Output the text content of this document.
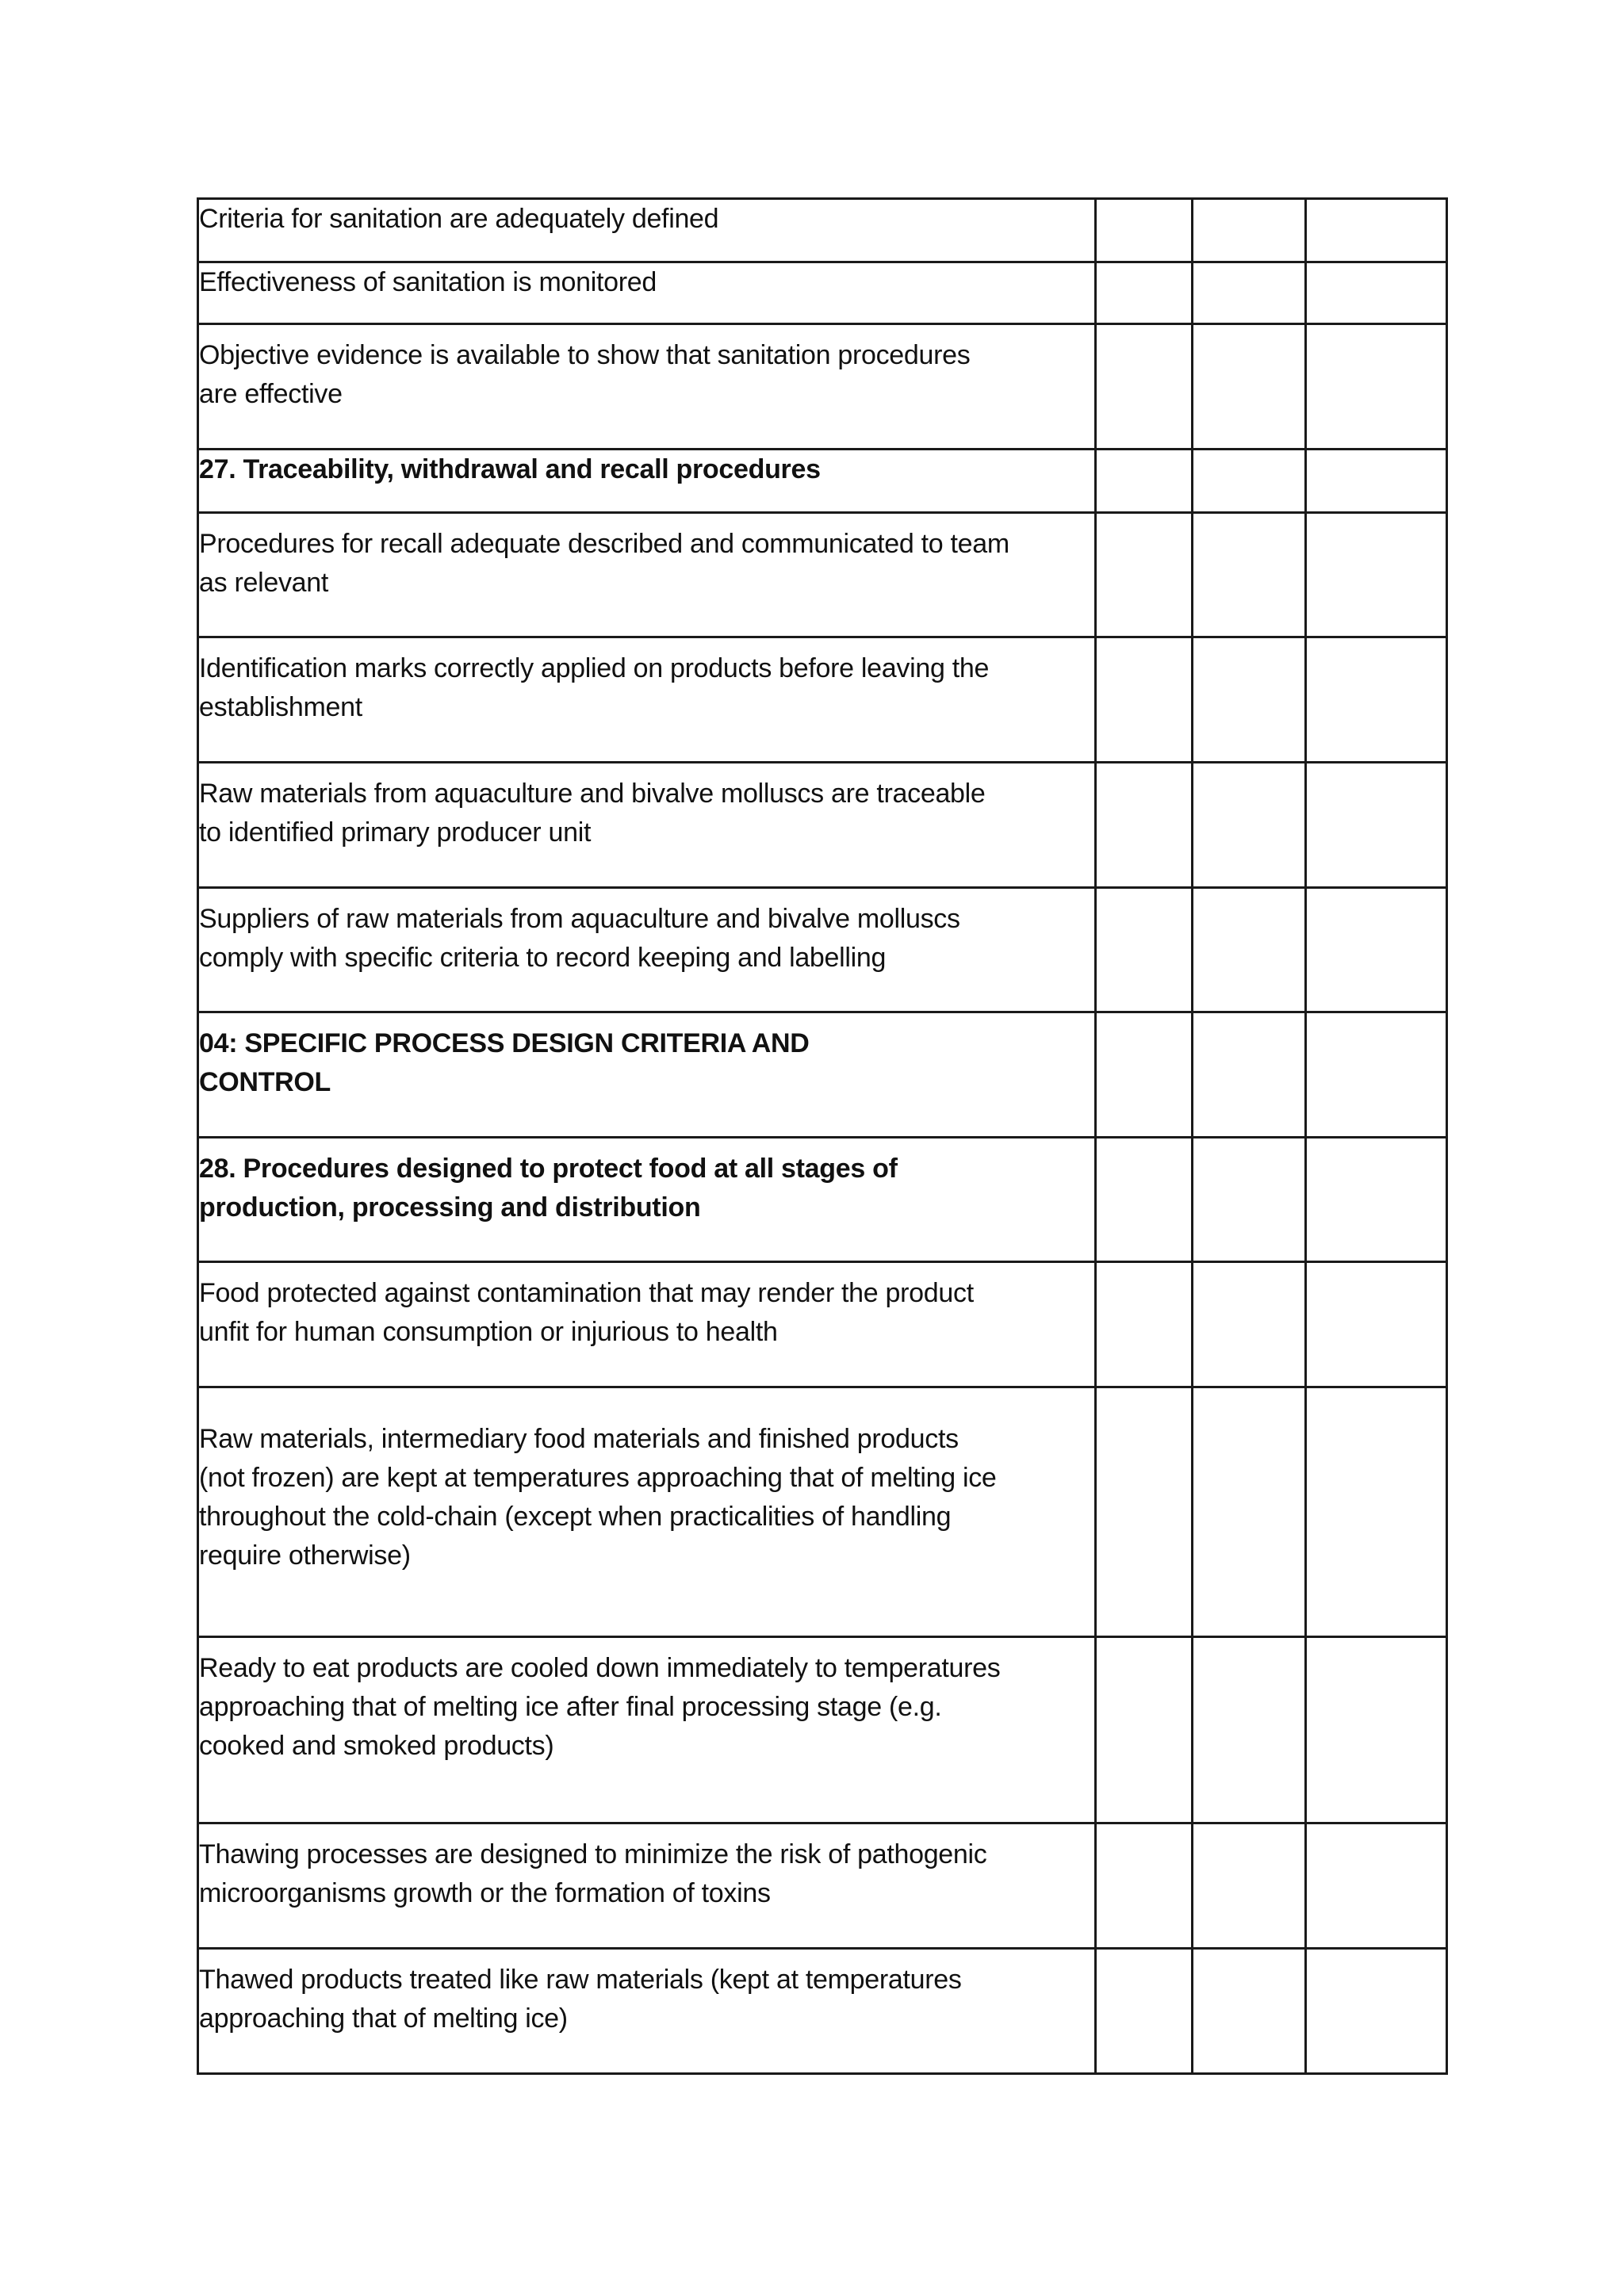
Criteria for sanitation are adequately defined			

Effectiveness of sanitation is monitored			

Objective evidence is available to show that sanitation procedures
are effective			

27. Traceability, withdrawal and recall procedures			

Procedures for recall adequate described and communicated to team
as relevant			

Identification marks correctly applied on products before leaving the
establishment			

Raw materials from aquaculture and bivalve molluscs are traceable
to identified primary producer unit			

Suppliers of raw materials from aquaculture and bivalve molluscs
comply with specific criteria to record keeping and labelling			

04: SPECIFIC PROCESS DESIGN CRITERIA AND
CONTROL			

28. Procedures designed to protect food at all stages of
production, processing and distribution			

Food protected against contamination that may render the product
unfit for human consumption or injurious to health			

Raw materials, intermediary food materials and finished products
(not frozen) are kept at temperatures approaching that of melting ice
throughout the cold-chain (except when practicalities of handling
require otherwise)			

Ready to eat products are cooled down immediately to temperatures
approaching that of melting ice after final processing stage (e.g.
cooked and smoked products)			

Thawing processes are designed to minimize the risk of pathogenic
microorganisms growth or the formation of toxins			

Thawed products treated like raw materials (kept at temperatures
approaching that of melting ice)			
